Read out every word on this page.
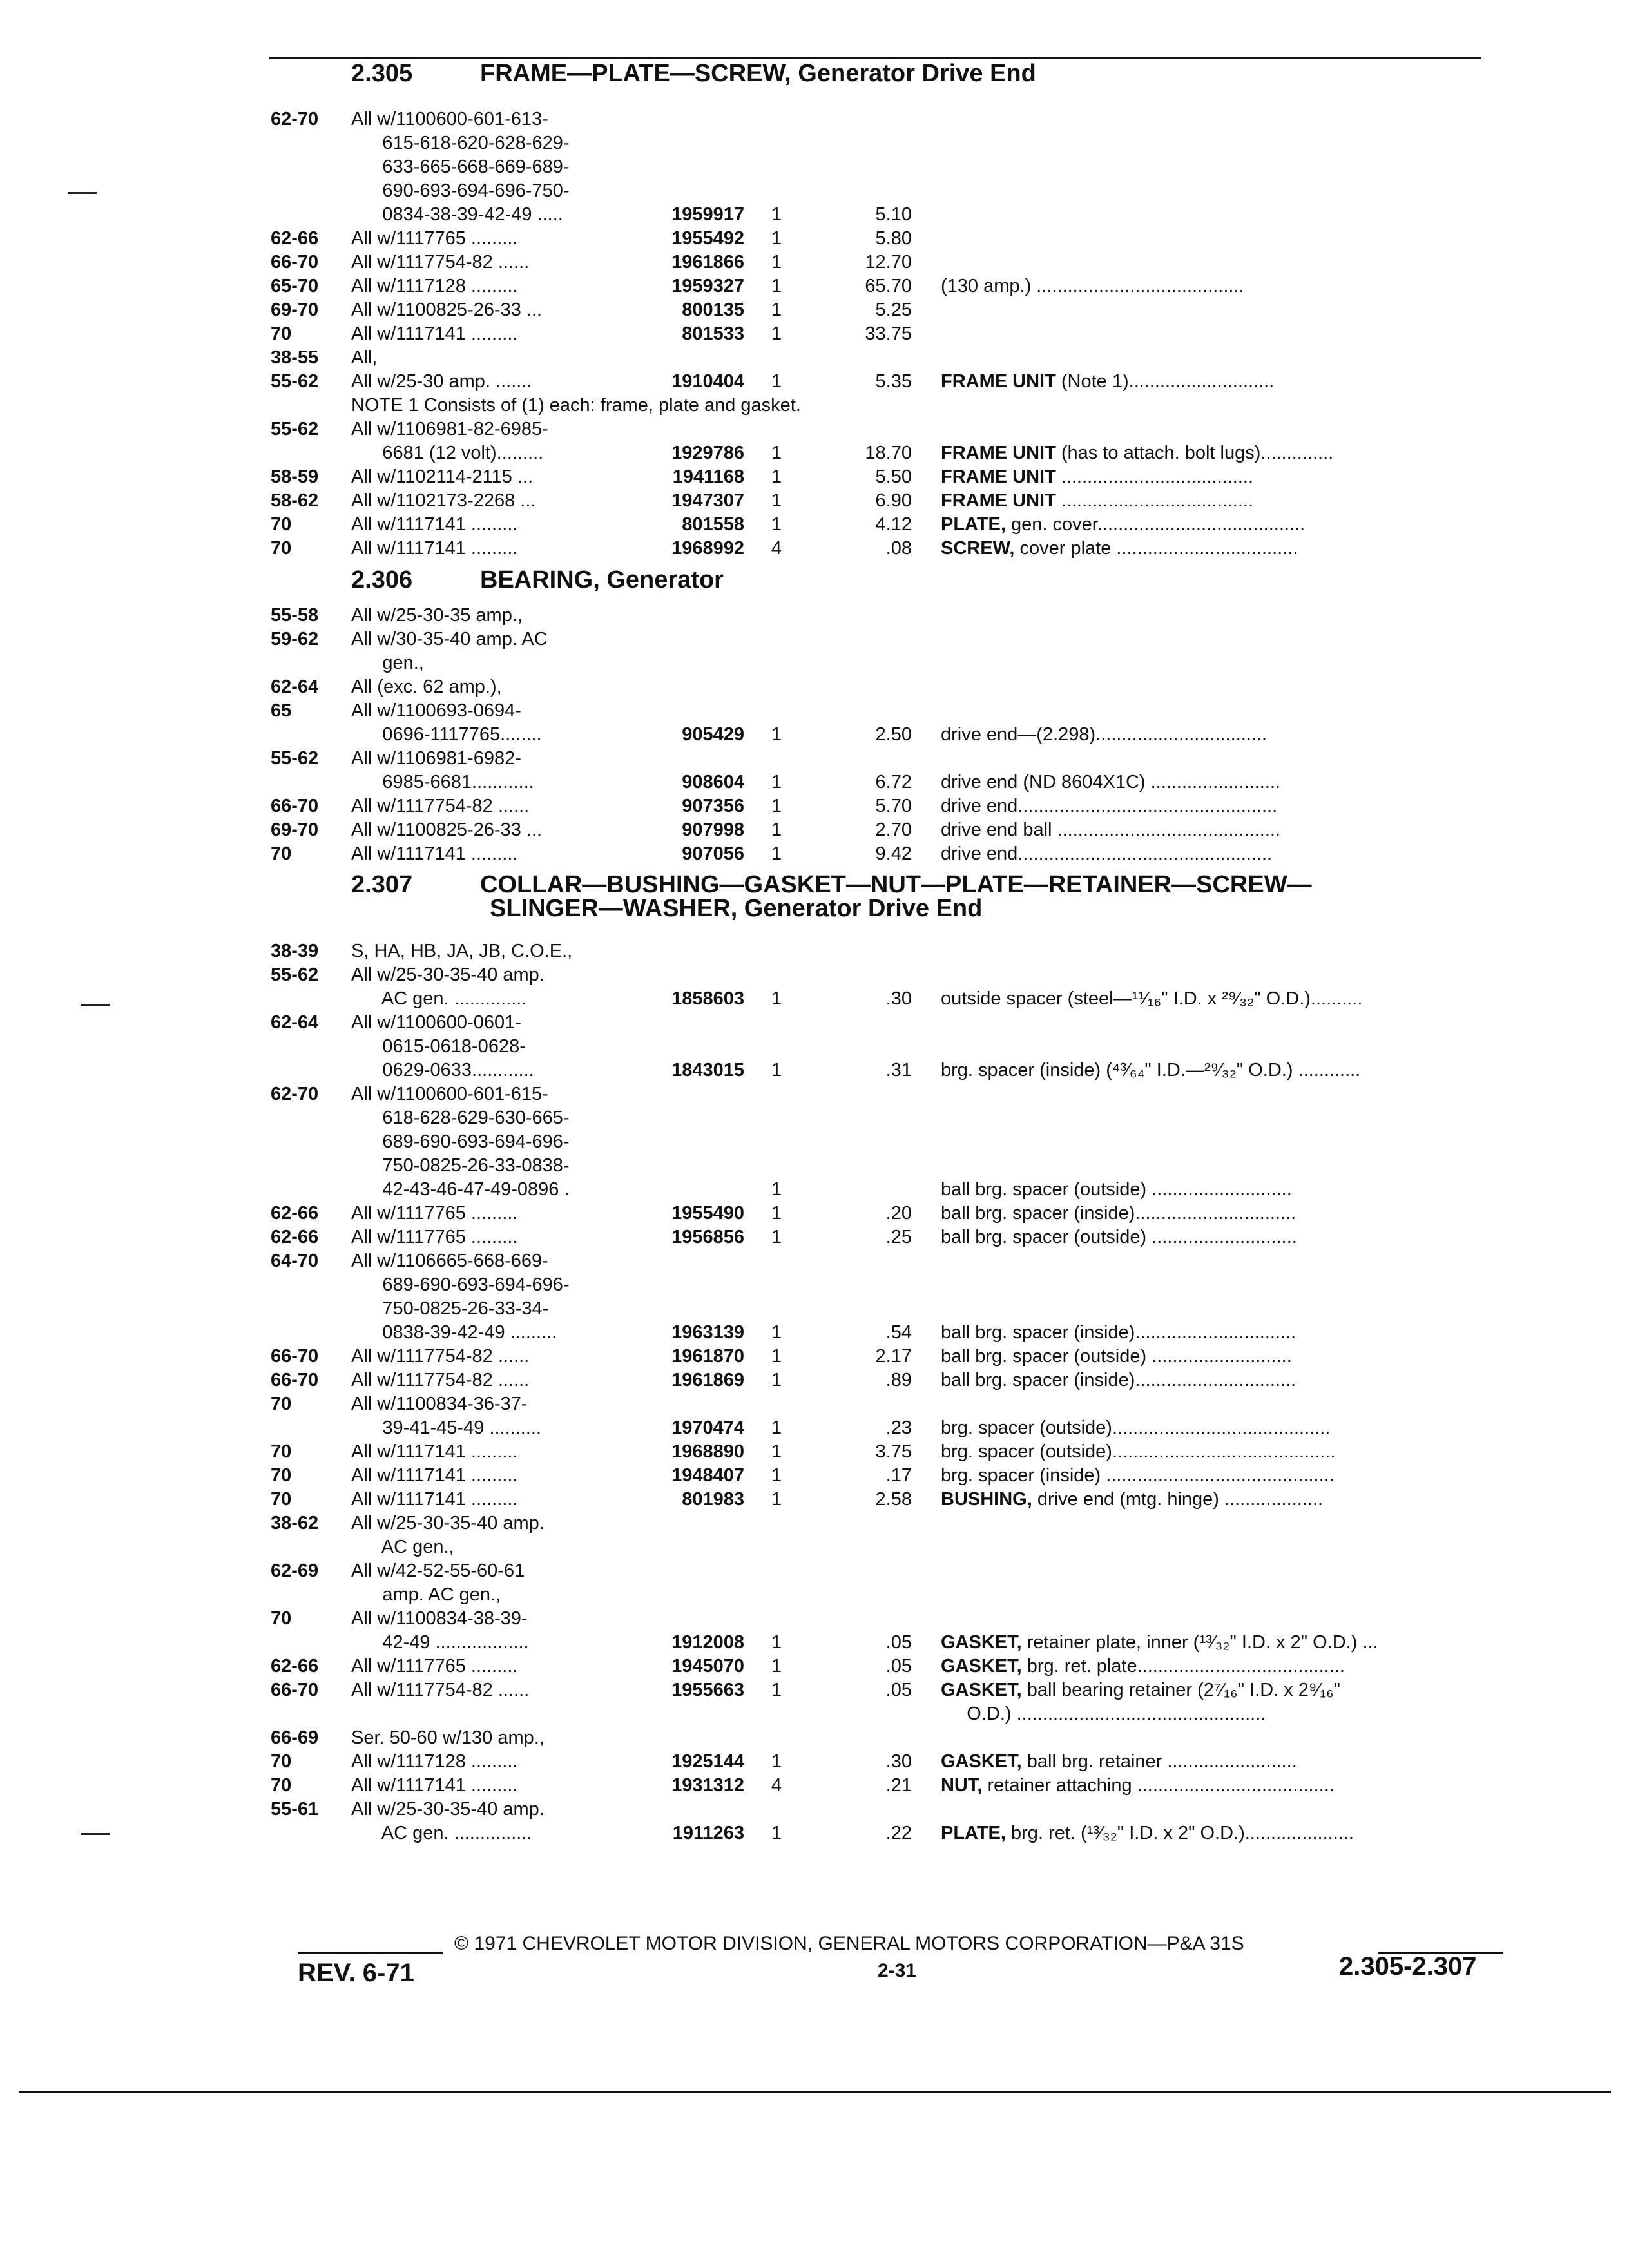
2.305	FRAME—PLATE—SCREW, Generator Drive End
62-70 All w/1100600-601-613-
615-618-620-628-629-
633-665-668-669-689-
690-693-694-696-750-
0834-38-39-42-49 .....	1959917 1	5.10
62-66 All w/1117765 .........	1955492 1	5.80
66-70 All w/1117754-82 ......	1961866 1	12.70
65-70 All w/1117128 .........	1959327 1	65.70 (130 amp.) ........................................
69-70 All w/1100825-26-33 ...	800135 1	5.25
70	All w/1117141 .........	801533 1	33.75
38-55 All,
55-62 All w/25-30 amp. .......	1910404 1	5.35 FRAME UNIT (Note 1)............................
NOTE 1 Consists of (1) each: frame, plate and gasket.
55-62 All w/1106981-82-6985-
6681 (12 volt).........	1929786 1	18.70 FRAME UNIT (has to attach. bolt lugs)..............
58-59 All w/1102114-2115 ...	1941168 1	5.50 FRAME UNIT .....................................
58-62 All w/1102173-2268 ...	1947307 1	6.90 FRAME UNIT .....................................
70	All w/1117141 .........	801558 1	4.12 PLATE, gen. cover........................................
70	All w/1117141 .........	1968992 4	.08 SCREW, cover plate ...................................
2.306	BEARING, Generator
55-58 All w/25-30-35 amp.,
59-62 All w/30-35-40 amp. AC
gen.,
62-64 All (exc. 62 amp.),
65	All w/1100693-0694-
0696-1117765........	905429 1	2.50 drive end—(2.298).................................
55-62 All w/1106981-6982-
6985-6681............	908604 1	6.72 drive end (ND 8604X1C) .........................
66-70 All w/1117754-82 ......	907356 1	5.70 drive end..................................................
69-70 All w/1100825-26-33 ...	907998 1	2.70 drive end ball ...........................................
70	All w/1117141 .........	907056 1	9.42 drive end.................................................
2.307	COLLAR—BUSHING—GASKET—NUT—PLATE—RETAINER—SCREW—
SLINGER—WASHER, Generator Drive End
38-39 S, HA, HB, JA, JB, C.O.E.,
55-62 All w/25-30-35-40 amp.
AC gen. ..............	1858603 1	.30 outside spacer (steel—¹¹⁄₁₆" I.D. x ²⁹⁄₃₂" O.D.)..........
62-64 All w/1100600-0601-
0615-0618-0628-
0629-0633............	1843015 1	.31 brg. spacer (inside) (⁴³⁄₆₄" I.D.—²⁹⁄₃₂" O.D.) ............
62-70 All w/1100600-601-615-
618-628-629-630-665-
689-690-693-694-696-
750-0825-26-33-0838-
42-43-46-47-49-0896 .	1	ball brg. spacer (outside) ...........................
62-66 All w/1117765 .........	1955490 1	.20 ball brg. spacer (inside)...............................
62-66 All w/1117765 .........	1956856 1	.25 ball brg. spacer (outside) ............................
64-70 All w/1106665-668-669-
689-690-693-694-696-
750-0825-26-33-34-
0838-39-42-49 .........	1963139 1	.54 ball brg. spacer (inside)...............................
66-70 All w/1117754-82 ......	1961870 1	2.17 ball brg. spacer (outside) ...........................
66-70 All w/1117754-82 ......	1961869 1	.89 ball brg. spacer (inside)...............................
70	All w/1100834-36-37-
39-41-45-49 ..........	1970474 1	.23 brg. spacer (outside)..........................................
70	All w/1117141 .........	1968890 1	3.75 brg. spacer (outside)...........................................
70	All w/1117141 .........	1948407 1	.17 brg. spacer (inside) ............................................
70	All w/1117141 .........	801983 1	2.58 BUSHING, drive end (mtg. hinge) ...................
38-62 All w/25-30-35-40 amp.
AC gen.,
62-69 All w/42-52-55-60-61
amp. AC gen.,
70	All w/1100834-38-39-
42-49 ..................	1912008 1	.05 GASKET, retainer plate, inner (¹³⁄₃₂" I.D. x 2" O.D.) ...
62-66 All w/1117765 .........	1945070 1	.05 GASKET, brg. ret. plate........................................
66-70 All w/1117754-82 ......	1955663 1	.05 GASKET, ball bearing retainer (2⁷⁄₁₆" I.D. x 2⁹⁄₁₆"
O.D.) ................................................
66-69 Ser. 50-60 w/130 amp.,
70	All w/1117128 .........	1925144 1	.30 GASKET, ball brg. retainer .........................
70	All w/1117141 .........	1931312 4	.21 NUT, retainer attaching ......................................
55-61 All w/25-30-35-40 amp.
AC gen. ...............	1911263 1	.22 PLATE, brg. ret. (¹³⁄₃₂" I.D. x 2" O.D.).....................
© 1971 CHEVROLET MOTOR DIVISION, GENERAL MOTORS CORPORATION—P&A 31S
REV. 6-71	2-31	2.305-2.307
